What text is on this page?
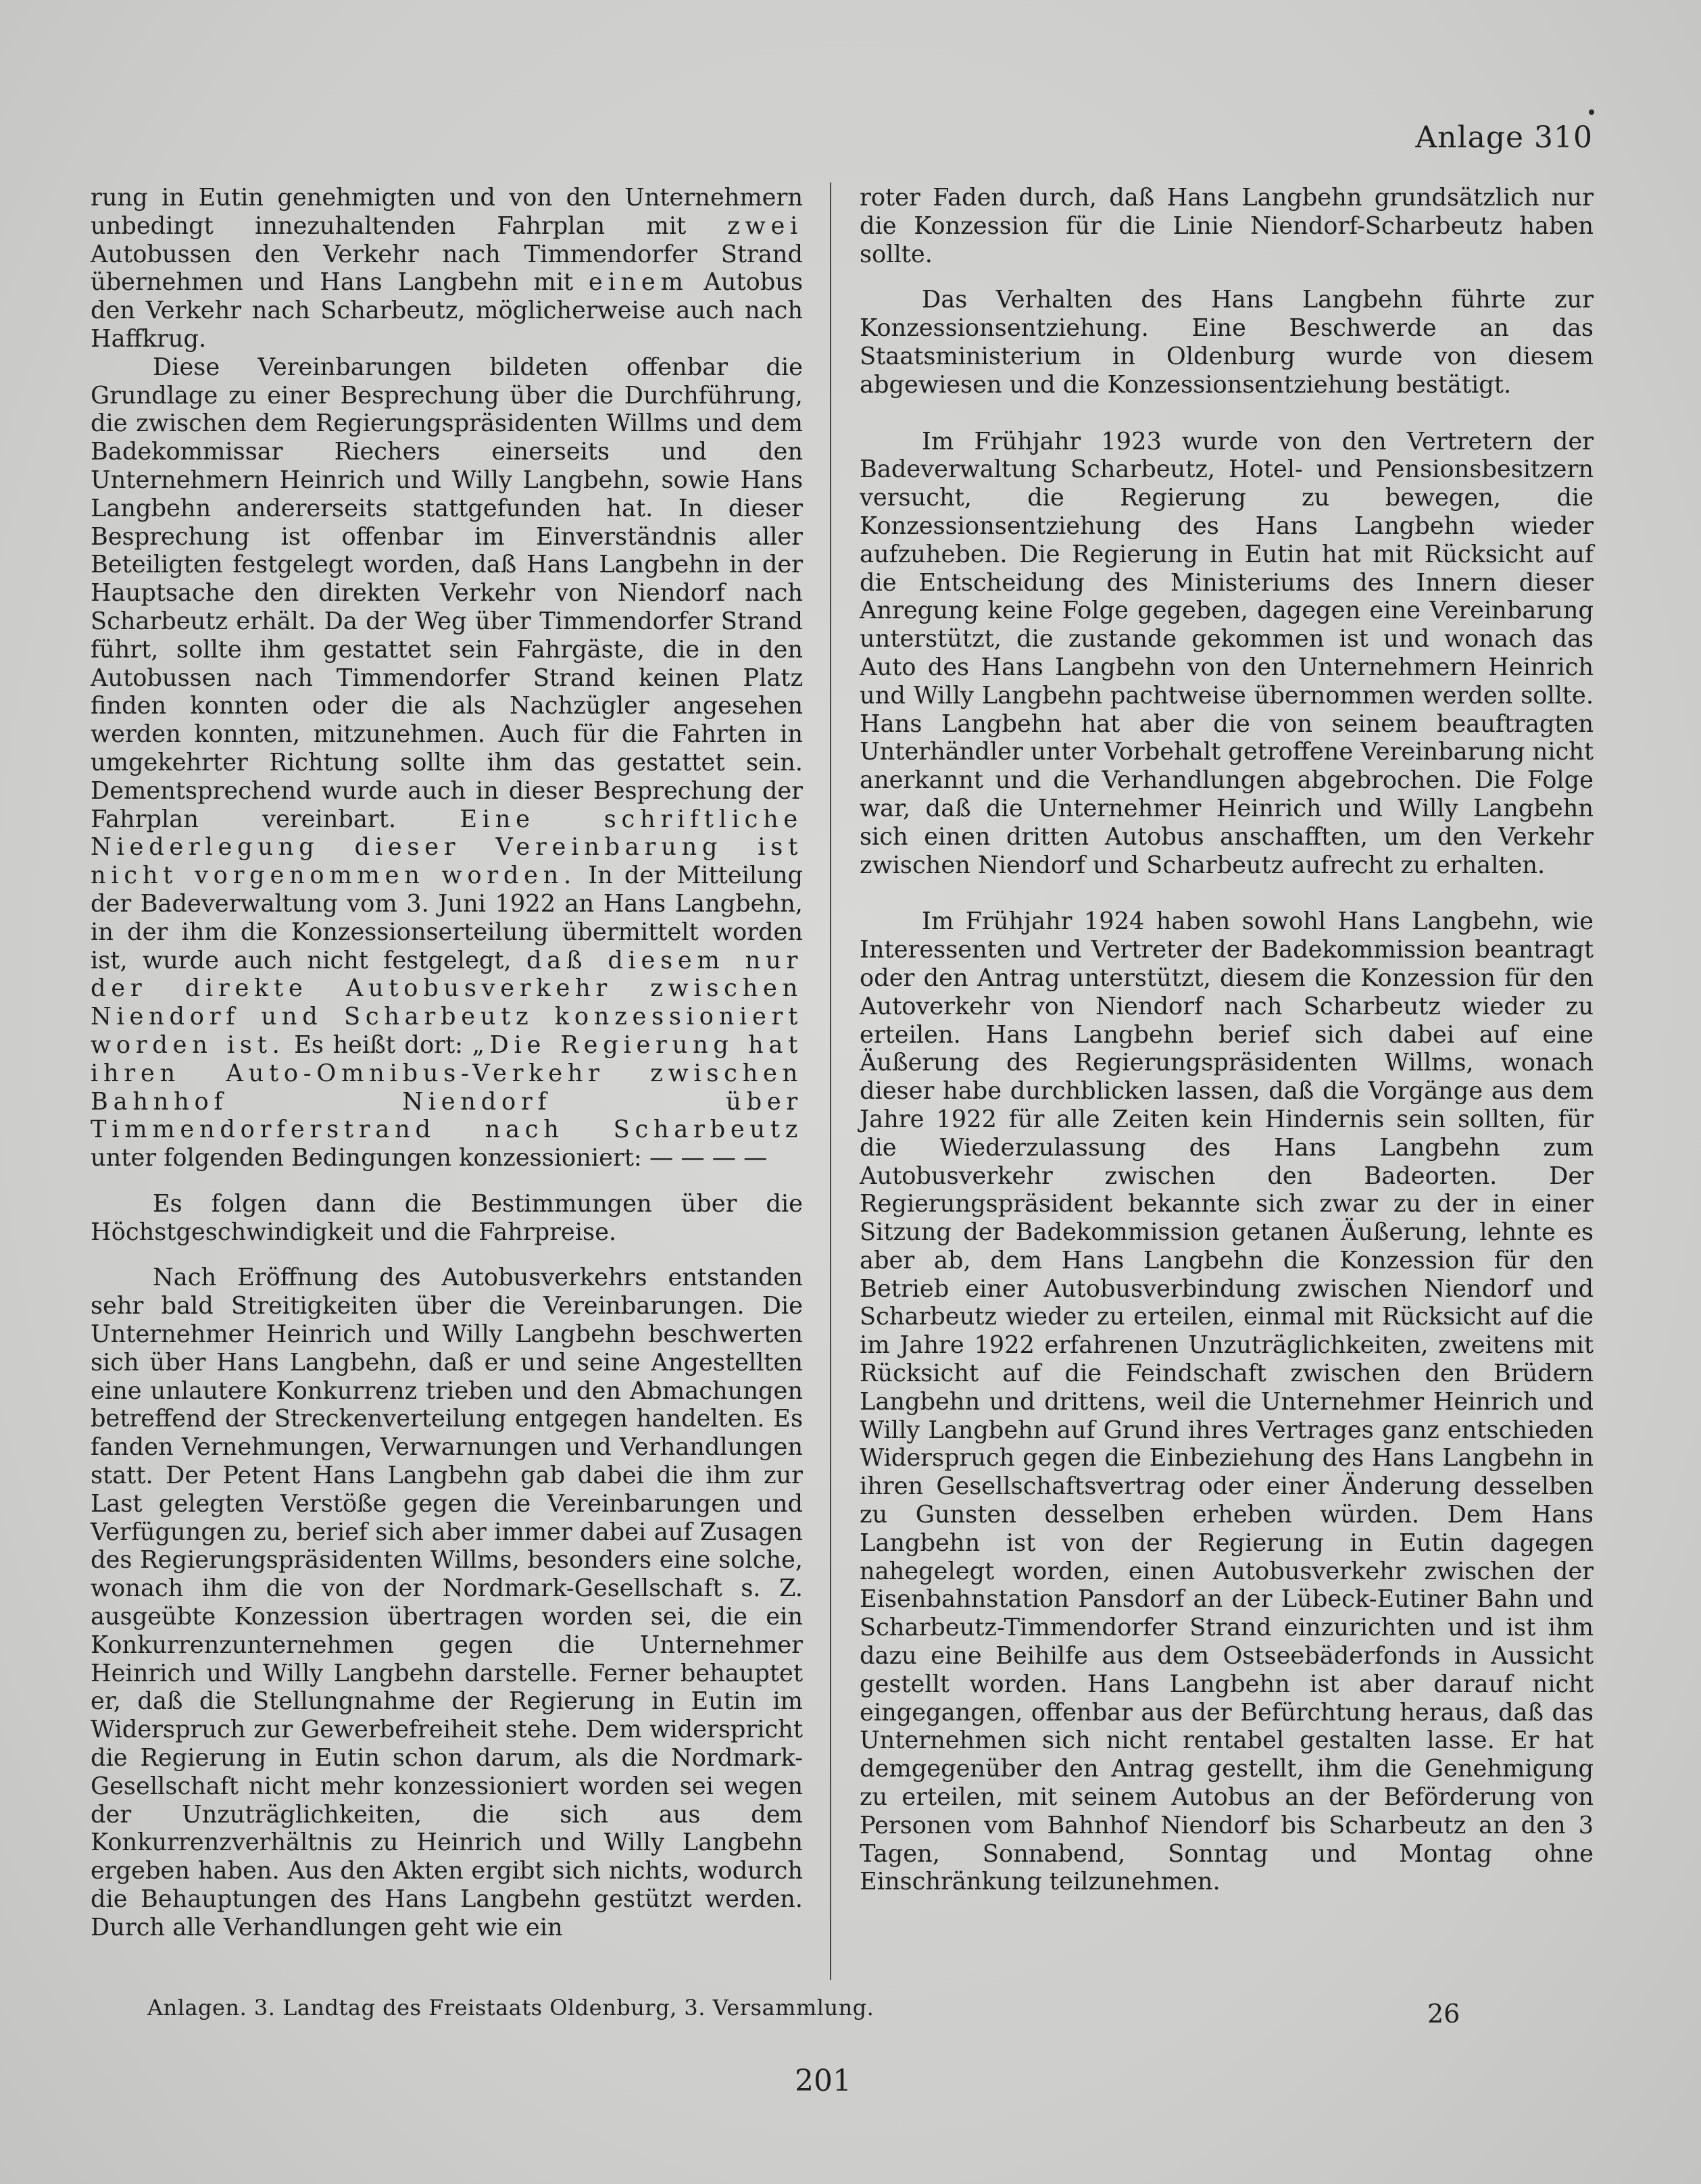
Anlage 310

rung in Eutin genehmigten und von den Unternehmern unbedingt innezuhaltenden Fahrplan mit zwei Autobussen den Verkehr nach Timmendorfer Strand übernehmen und Hans Langbehn mit einem Autobus den Verkehr nach Scharbeutz, möglicherweise auch nach Haffkrug.

Diese Vereinbarungen bildeten offenbar die Grundlage zu einer Besprechung über die Durchführung, die zwischen dem Regierungspräsidenten Willms und dem Badekommissar Riechers einerseits und den Unternehmern Heinrich und Willy Langbehn, sowie Hans Langbehn andererseits stattgefunden hat. In dieser Besprechung ist offenbar im Einverständnis aller Beteiligten festgelegt worden, daß Hans Langbehn in der Hauptsache den direkten Verkehr von Niendorf nach Scharbeutz erhält. Da der Weg über Timmendorfer Strand führt, sollte ihm gestattet sein Fahrgäste, die in den Autobussen nach Timmendorfer Strand keinen Platz finden konnten oder die als Nachzügler angesehen werden konnten, mitzunehmen. Auch für die Fahrten in umgekehrter Richtung sollte ihm das gestattet sein. Dementsprechend wurde auch in dieser Besprechung der Fahrplan vereinbart.	Eine schriftliche Niederlegung dieser Vereinbarung ist nicht vorgenommen worden. In der Mitteilung der Badeverwaltung vom 3. Juni 1922 an Hans Langbehn, in der ihm die Konzessionserteilung übermittelt worden ist, wurde auch nicht festgelegt, daß diesem nur der direkte Autobusverkehr zwischen Niendorf und Scharbeutz konzessioniert worden ist. Es heißt dort: „Die Regierung hat ihren Auto-Omnibus-Verkehr zwischen Bahnhof Niendorf über Timmendorferstrand nach Scharbeutz unter folgenden Bedingungen konzessioniert: — — — —

Es folgen dann die Bestimmungen über die Höchstgeschwindigkeit und die Fahrpreise.

Nach Eröffnung des Autobusverkehrs entstanden sehr bald Streitigkeiten über die Vereinbarungen. Die Unternehmer Heinrich und Willy Langbehn beschwerten sich über Hans Langbehn, daß er und seine Angestellten eine unlautere Konkurrenz trieben und den Abmachungen betreffend der Streckenverteilung entgegen handelten. Es fanden Vernehmungen, Verwarnungen und Verhandlungen statt. Der Petent Hans Langbehn gab dabei die ihm zur Last gelegten Verstöße gegen die Vereinbarungen und Verfügungen zu, berief sich aber immer dabei auf Zusagen des Regierungspräsidenten Willms, besonders eine solche, wonach ihm die von der Nordmark-Gesellschaft s. Z. ausgeübte Konzession übertragen worden sei, die ein Konkurrenzunternehmen gegen die Unternehmer Heinrich und Willy Langbehn darstelle. Ferner behauptet er, daß die Stellungnahme der Regierung in Eutin im Widerspruch zur Gewerbefreiheit stehe. Dem widerspricht die Regierung in Eutin schon darum, als die Nordmark-Gesellschaft nicht mehr konzessioniert worden sei wegen der Unzuträglichkeiten, die sich aus dem Konkurrenzverhältnis zu Heinrich und Willy Langbehn ergeben haben. Aus den Akten ergibt sich nichts, wodurch die Behauptungen des Hans Langbehn gestützt werden. Durch alle Verhandlungen geht wie ein

roter Faden durch, daß Hans Langbehn grundsätzlich nur die Konzession für die Linie Niendorf-Scharbeutz haben sollte.

Das Verhalten des Hans Langbehn führte zur Konzessionsentziehung. Eine Beschwerde an das Staatsministerium in Oldenburg wurde von diesem abgewiesen und die Konzessionsentziehung bestätigt.

Im Frühjahr 1923 wurde von den Vertretern der Badeverwaltung Scharbeutz, Hotel- und Pensionsbesitzern versucht, die Regierung zu bewegen, die Konzessionsentziehung des Hans Langbehn wieder aufzuheben. Die Regierung in Eutin hat mit Rücksicht auf die Entscheidung des Ministeriums des Innern dieser Anregung keine Folge gegeben, dagegen eine Vereinbarung unterstützt, die zustande gekommen ist und wonach das Auto des Hans Langbehn von den Unternehmern Heinrich und Willy Langbehn pachtweise übernommen werden sollte. Hans Langbehn hat aber die von seinem beauftragten Unterhändler unter Vorbehalt getroffene Vereinbarung nicht anerkannt und die Verhandlungen abgebrochen. Die Folge war, daß die Unternehmer Heinrich und Willy Langbehn sich einen dritten Autobus anschafften, um den Verkehr zwischen Niendorf und Scharbeutz aufrecht zu erhalten.

Im Frühjahr 1924 haben sowohl Hans Langbehn, wie Interessenten und Vertreter der Badekommission beantragt oder den Antrag unterstützt, diesem die Konzession für den Autoverkehr von Niendorf nach Scharbeutz wieder zu erteilen. Hans Langbehn berief sich dabei auf eine Äußerung des Regierungspräsidenten Willms, wonach dieser habe durchblicken lassen, daß die Vorgänge aus dem Jahre 1922 für alle Zeiten kein Hindernis sein sollten, für die Wiederzulassung des Hans Langbehn zum Autobusverkehr zwischen den Badeorten. Der Regierungspräsident bekannte sich zwar zu der in einer Sitzung der Badekommission getanen Äußerung, lehnte es aber ab, dem Hans Langbehn die Konzession für den Betrieb einer Autobusverbindung zwischen Niendorf und Scharbeutz wieder zu erteilen, einmal mit Rücksicht auf die im Jahre 1922 erfahrenen Unzuträglichkeiten, zweitens mit Rücksicht auf die Feindschaft zwischen den Brüdern Langbehn und drittens, weil die Unternehmer Heinrich und Willy Langbehn auf Grund ihres Vertrages ganz entschieden Widerspruch gegen die Einbeziehung des Hans Langbehn in ihren Gesellschaftsvertrag oder einer Änderung desselben zu Gunsten desselben erheben würden. Dem Hans Langbehn ist von der Regierung in Eutin dagegen nahegelegt worden, einen Autobusverkehr zwischen der Eisenbahnstation Pansdorf an der Lübeck-Eutiner Bahn und Scharbeutz-Timmendorfer Strand einzurichten und ist ihm dazu eine Beihilfe aus dem Ostseebäderfonds in Aussicht gestellt worden. Hans Langbehn ist aber darauf nicht eingegangen, offenbar aus der Befürchtung heraus, daß das Unternehmen sich nicht rentabel gestalten lasse. Er hat demgegenüber den Antrag gestellt, ihm die Genehmigung zu erteilen, mit seinem Autobus an der Beförderung von Personen vom Bahnhof Niendorf bis Scharbeutz an den 3 Tagen, Sonnabend, Sonntag und Montag ohne Einschränkung teilzunehmen.

Anlagen. 3. Landtag des Freistaats Oldenburg, 3. Versammlung.	26
201
